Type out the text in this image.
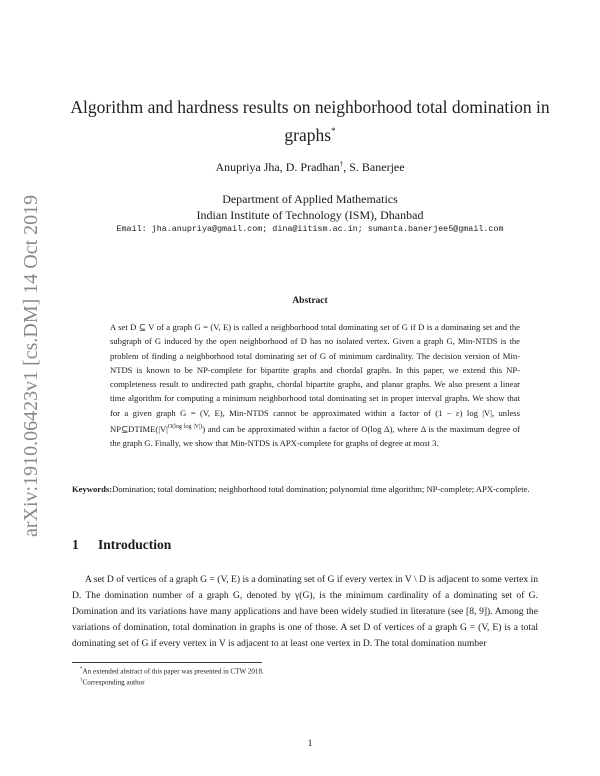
arXiv:1910.06423v1 [cs.DM] 14 Oct 2019
Algorithm and hardness results on neighborhood total domination in
graphs*
Anupriya Jha, D. Pradhan†, S. Banerjee
Department of Applied Mathematics
Indian Institute of Technology (ISM), Dhanbad
Email: jha.anupriya@gmail.com; dina@iitism.ac.in; sumanta.banerjee5@gmail.com
Abstract
A set D ⊆ V of a graph G = (V, E) is called a neighborhood total dominating set of G if D is a dominating set and the subgraph of G induced by the open neighborhood of D has no isolated vertex. Given a graph G, Min-NTDS is the problem of finding a neighborhood total dominating set of G of minimum cardinality. The decision version of Min-NTDS is known to be NP-complete for bipartite graphs and chordal graphs. In this paper, we extend this NP-completeness result to undirected path graphs, chordal bipartite graphs, and planar graphs. We also present a linear time algorithm for computing a minimum neighborhood total dominating set in proper interval graphs. We show that for a given graph G = (V, E), Min-NTDS cannot be approximated within a factor of (1 − ε) log |V|, unless $NP⊆DTIME(|V|^{O(log log |V|)})$ and can be approximated within a factor of O(log Δ), where Δ is the maximum degree of the graph G. Finally, we show that Min-NTDS is APX-complete for graphs of degree at most 3.
Keywords:Domination; total domination; neighborhood total domination; polynomial time algorithm; NP-complete; APX-complete.
1 Introduction
A set D of vertices of a graph G = (V, E) is a dominating set of G if every vertex in V \ D is adjacent to some vertex in D. The domination number of a graph G, denoted by γ(G), is the minimum cardinality of a dominating set of G. Domination and its variations have many applications and have been widely studied in literature (see [8, 9]). Among the variations of domination, total domination in graphs is one of those. A set D of vertices of a graph G = (V, E) is a total dominating set of G if every vertex in V is adjacent to at least one vertex in D. The total domination number
*An extended abstract of this paper was presented in CTW 2018.
†Corresponding author
1
